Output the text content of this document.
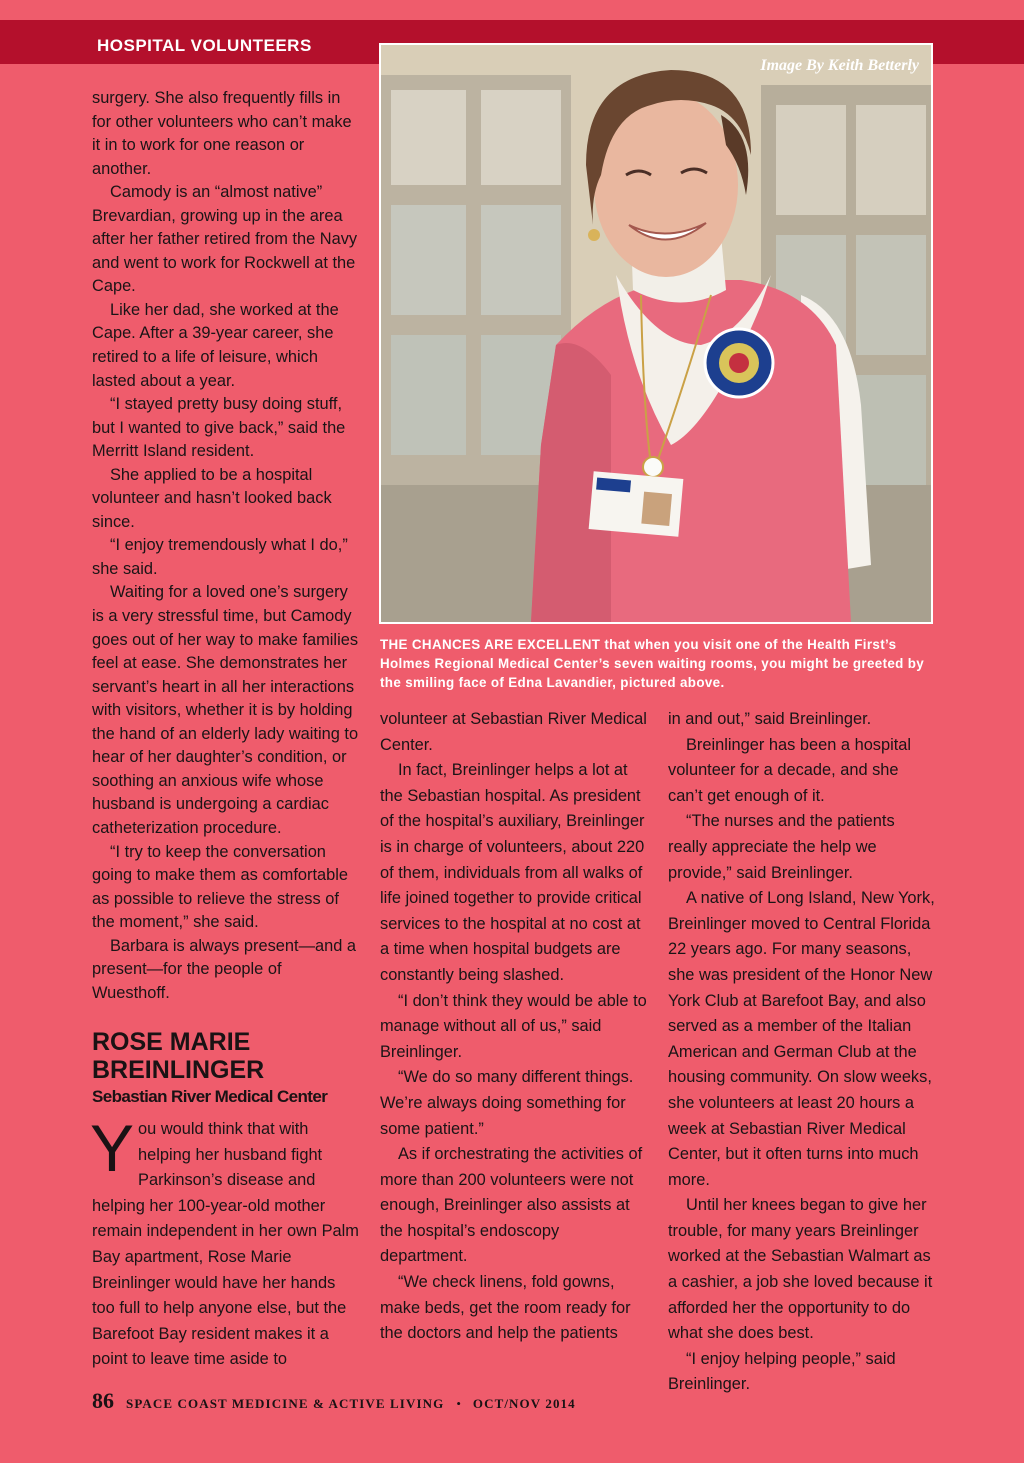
HOSPITAL VOLUNTEERS
Image By Keith Betterly
THE CHANCES ARE EXCELLENT that when you visit one of the Health First’s Holmes Regional Medical Center’s seven waiting rooms, you might be greeted by the smiling face of Edna Lavandier, pictured above.

surgery. She also frequently fills in for other volunteers who can’t make it in to work for one reason or another.

Camody is an “almost native” Brevardian, growing up in the area after her father retired from the Navy and went to work for Rockwell at the Cape.

Like her dad, she worked at the Cape. After a 39-year career, she retired to a life of leisure, which lasted about a year.

“I stayed pretty busy doing stuff, but I wanted to give back,” said the Merritt Island resident.

She applied to be a hospital volunteer and hasn’t looked back since.

“I enjoy tremendously what I do,” she said.

Waiting for a loved one’s surgery is a very stressful time, but Camody goes out of her way to make families feel at ease. She demonstrates her servant’s heart in all her interactions with visitors, whether it is by holding the hand of an elderly lady waiting to hear of her daughter’s condition, or soothing an anxious wife whose husband is undergoing a cardiac catheterization procedure.

“I try to keep the conversation going to make them as comfortable as possible to relieve the stress of the moment,” she said.

Barbara is always present—and a present—for the people of Wuesthoff.

ROSE MARIE BREINLINGER
Sebastian River Medical Center

You would think that with helping her husband fight Parkinson’s disease and helping her 100-year-old mother remain independent in her own Palm Bay apartment, Rose Marie Breinlinger would have her hands too full to help anyone else, but the Barefoot Bay resident makes it a point to leave time aside to

volunteer at Sebastian River Medical Center.

In fact, Breinlinger helps a lot at the Sebastian hospital. As president of the hospital’s auxiliary, Breinlinger is in charge of volunteers, about 220 of them, individuals from all walks of life joined together to provide critical services to the hospital at no cost at a time when hospital budgets are constantly being slashed.

“I don’t think they would be able to manage without all of us,” said Breinlinger.

“We do so many different things. We’re always doing something for some patient.”

As if orchestrating the activities of more than 200 volunteers were not enough, Breinlinger also assists at the hospital’s endoscopy department.

“We check linens, fold gowns, make beds, get the room ready for the doctors and help the patients

in and out,” said Breinlinger.

Breinlinger has been a hospital volunteer for a decade, and she can’t get enough of it.

“The nurses and the patients really appreciate the help we provide,” said Breinlinger.

A native of Long Island, New York, Breinlinger moved to Central Florida 22 years ago. For many seasons, she was president of the Honor New York Club at Barefoot Bay, and also served as a member of the Italian American and German Club at the housing community. On slow weeks, she volunteers at least 20 hours a week at Sebastian River Medical Center, but it often turns into much more.

Until her knees began to give her trouble, for many years Breinlinger worked at the Sebastian Walmart as a cashier, a job she loved because it afforded her the opportunity to do what she does best.

“I enjoy helping people,” said Breinlinger.

86 SPACE COAST MEDICINE & ACTIVE LIVING • OCT/NOV 2014
